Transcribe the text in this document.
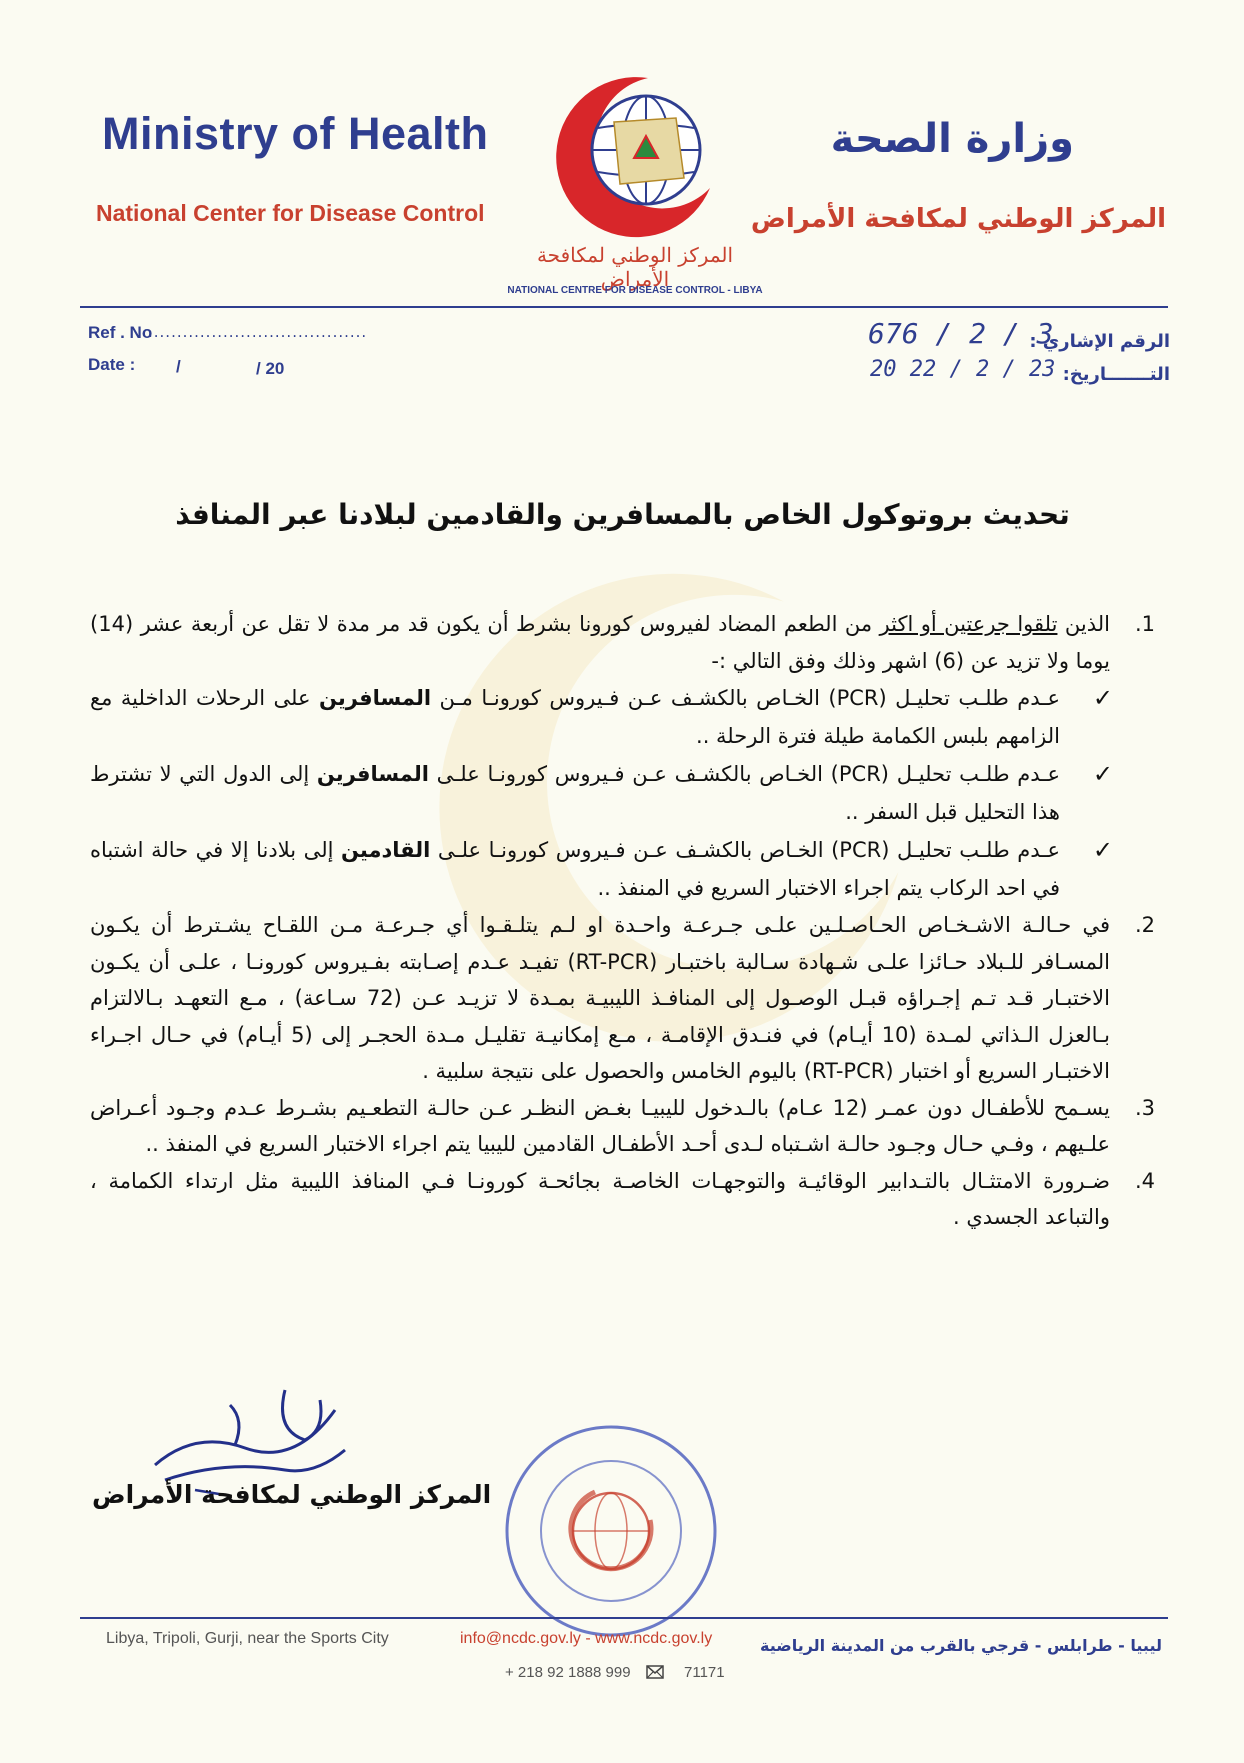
Ministry of Health
National Center for Disease Control
وزارة الصحة
المركز الوطني لمكافحة الأمراض
المركز الوطني لمكافحة الأمراض
NATIONAL CENTRE FOR DISEASE CONTROL - LIBYA
Ref . No
......................................
Date : /	/ 20
676 / 2 / 3
الرقم الإشاري :
20 22 / 2 / 23 التـــــــاريخ:
تحديث بروتوكول الخاص بالمسافرين والقادمين لبلادنا عبر المنافذ

.1
الذين تلقوا جرعتين أو اكثر من الطعم المضاد لفيروس كورونا بشرط أن يكون قد مر مدة لا تقل عن أربعة عشر (14) يوما ولا تزيد عن (6) اشهر وذلك وفق التالي :-

✓
عـدم طلـب تحليـل (PCR) الخـاص بالكشـف عـن فـيروس كورونـا مـن المسافرين على الرحلات الداخلية مع الزامهم بلبس الكمامة طيلة فترة الرحلة ..

✓
عـدم طلـب تحليـل (PCR) الخـاص بالكشـف عـن فـيروس كورونـا علـى المسافرين إلى الدول التي لا تشترط هذا التحليل قبل السفر ..

✓
عـدم طلـب تحليـل (PCR) الخـاص بالكشـف عـن فـيروس كورونـا علـى القادمين إلى بلادنا إلا في حالة اشتباه في احد الركاب يتم اجراء الاختبار السريع في المنفذ ..

.2
في حـالـة الاشـخـاص الحـاصـلـين علـى جـرعـة واحـدة او لـم يتلـقـوا أي جـرعـة مـن اللقـاح يشـترط أن يكـون المسـافر للـبلاد حـائزا علـى شـهادة سـالبة باختبـار (RT-PCR) تفيـد عـدم إصـابته بفـيروس كورونـا ، علـى أن يكـون الاختبـار قـد تـم إجـراؤه قبـل الوصـول إلى المنافـذ الليبيـة بمـدة لا تزيـد عـن (72 سـاعة) ، مـع التعهـد بـالالتزام بـالعزل الـذاتي لمـدة (10 أيـام) في فنـدق الإقامـة ، مـع إمكانيـة تقليـل مـدة الحجـر إلى (5 أيـام) في حـال اجـراء الاختبـار السريع أو اختبار (RT-PCR) باليوم الخامس والحصول على نتيجة سلبية .

.3
يسـمح للأطفـال دون عمـر (12 عـام) بالـدخول لليبيـا بغـض النظـر عـن حالـة التطعـيم بشـرط عـدم وجـود أعـراض علـيهم ، وفـي حـال وجـود حالـة اشـتباه لـدى أحـد الأطفـال القادمين لليبيا يتم اجراء الاختبار السريع في المنفذ ..

.4
ضـرورة الامتثـال بالتـدابير الوقائيـة والتوجهـات الخاصـة بجائحـة كورونـا فـي المنافذ الليبية مثل ارتداء الكمامة ، والتباعد الجسدي .

المركز الوطني لمكافحة الأمراض
Libya, Tripoli, Gurji, near the Sports City	info@ncdc.gov.ly - www.ncdc.gov.ly	ليبيا - طرابلس - قرجي بالقرب من المدينة الرياضية
+ 218 92 1888 999	71171
